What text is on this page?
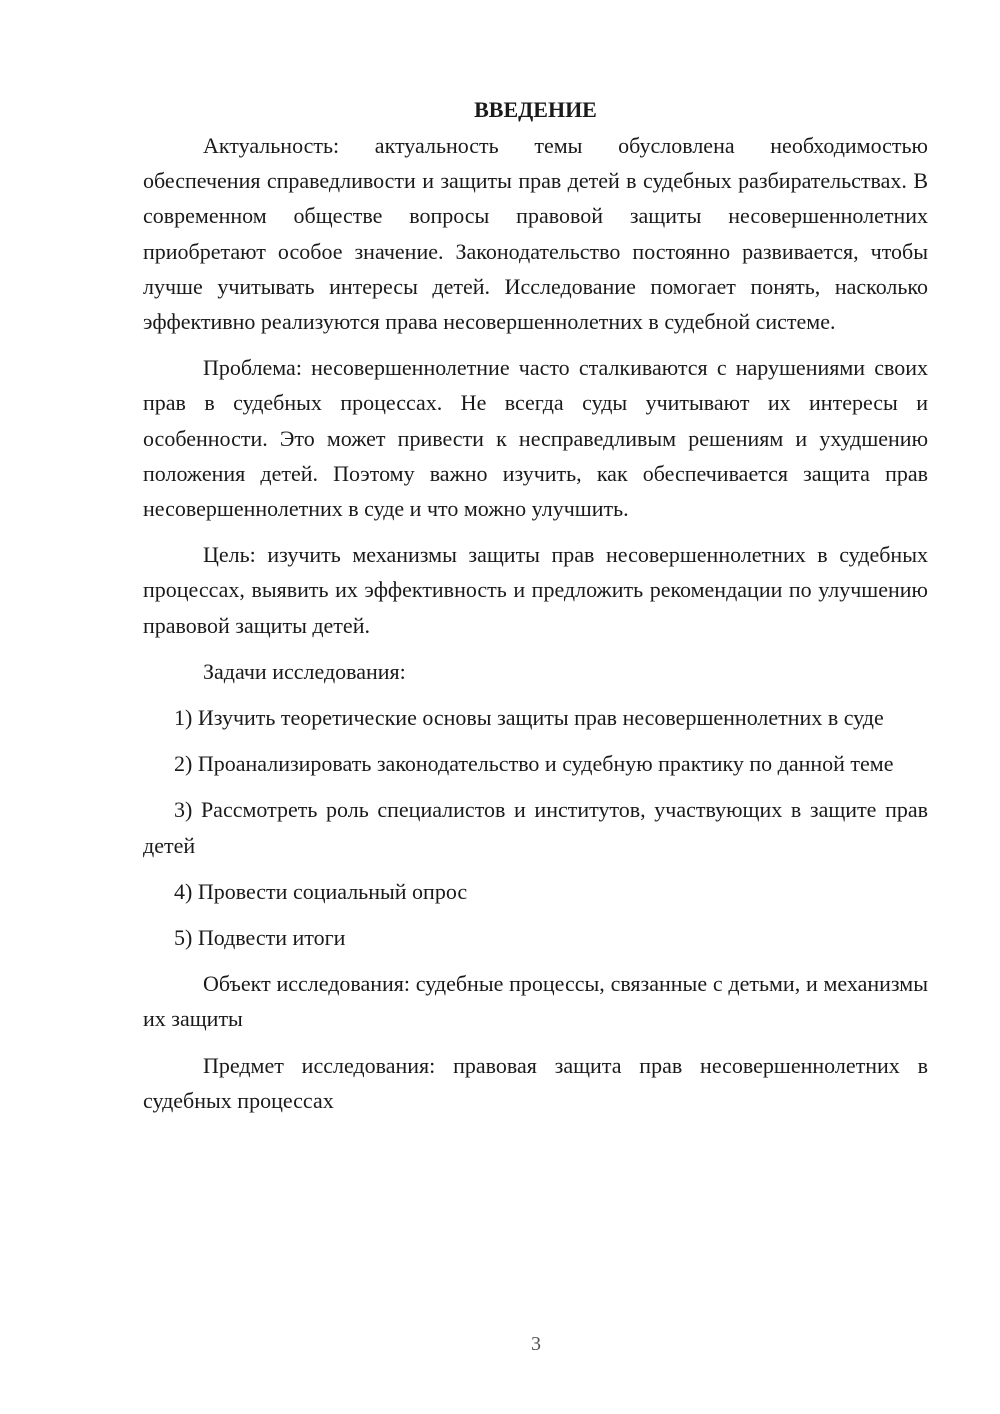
ВВЕДЕНИЕ

Актуальность: актуальность темы обусловлена необходимостью обеспечения справедливости и защиты прав детей в судебных разбирательствах. В современном обществе вопросы правовой защиты несовершеннолетних приобретают особое значение. Законодательство постоянно развивается, чтобы лучше учитывать интересы детей. Исследование помогает понять, насколько эффективно реализуются права несовершеннолетних в судебной системе.

Проблема: несовершеннолетние часто сталкиваются с нарушениями своих прав в судебных процессах. Не всегда суды учитывают их интересы и особенности. Это может привести к несправедливым решениям и ухудшению положения детей. Поэтому важно изучить, как обеспечивается защита прав несовершеннолетних в суде и что можно улучшить.

Цель: изучить механизмы защиты прав несовершеннолетних в судебных процессах, выявить их эффективность и предложить рекомендации по улучшению правовой защиты детей.

Задачи исследования:

1) Изучить теоретические основы защиты прав несовершеннолетних в суде

2) Проанализировать законодательство и судебную практику по данной теме

3) Рассмотреть роль специалистов и институтов, участвующих в защите прав детей

4) Провести социальный опрос

5) Подвести итоги

Объект исследования: судебные процессы, связанные с детьми, и механизмы их защиты

Предмет исследования: правовая защита прав несовершеннолетних в судебных процессах

3
